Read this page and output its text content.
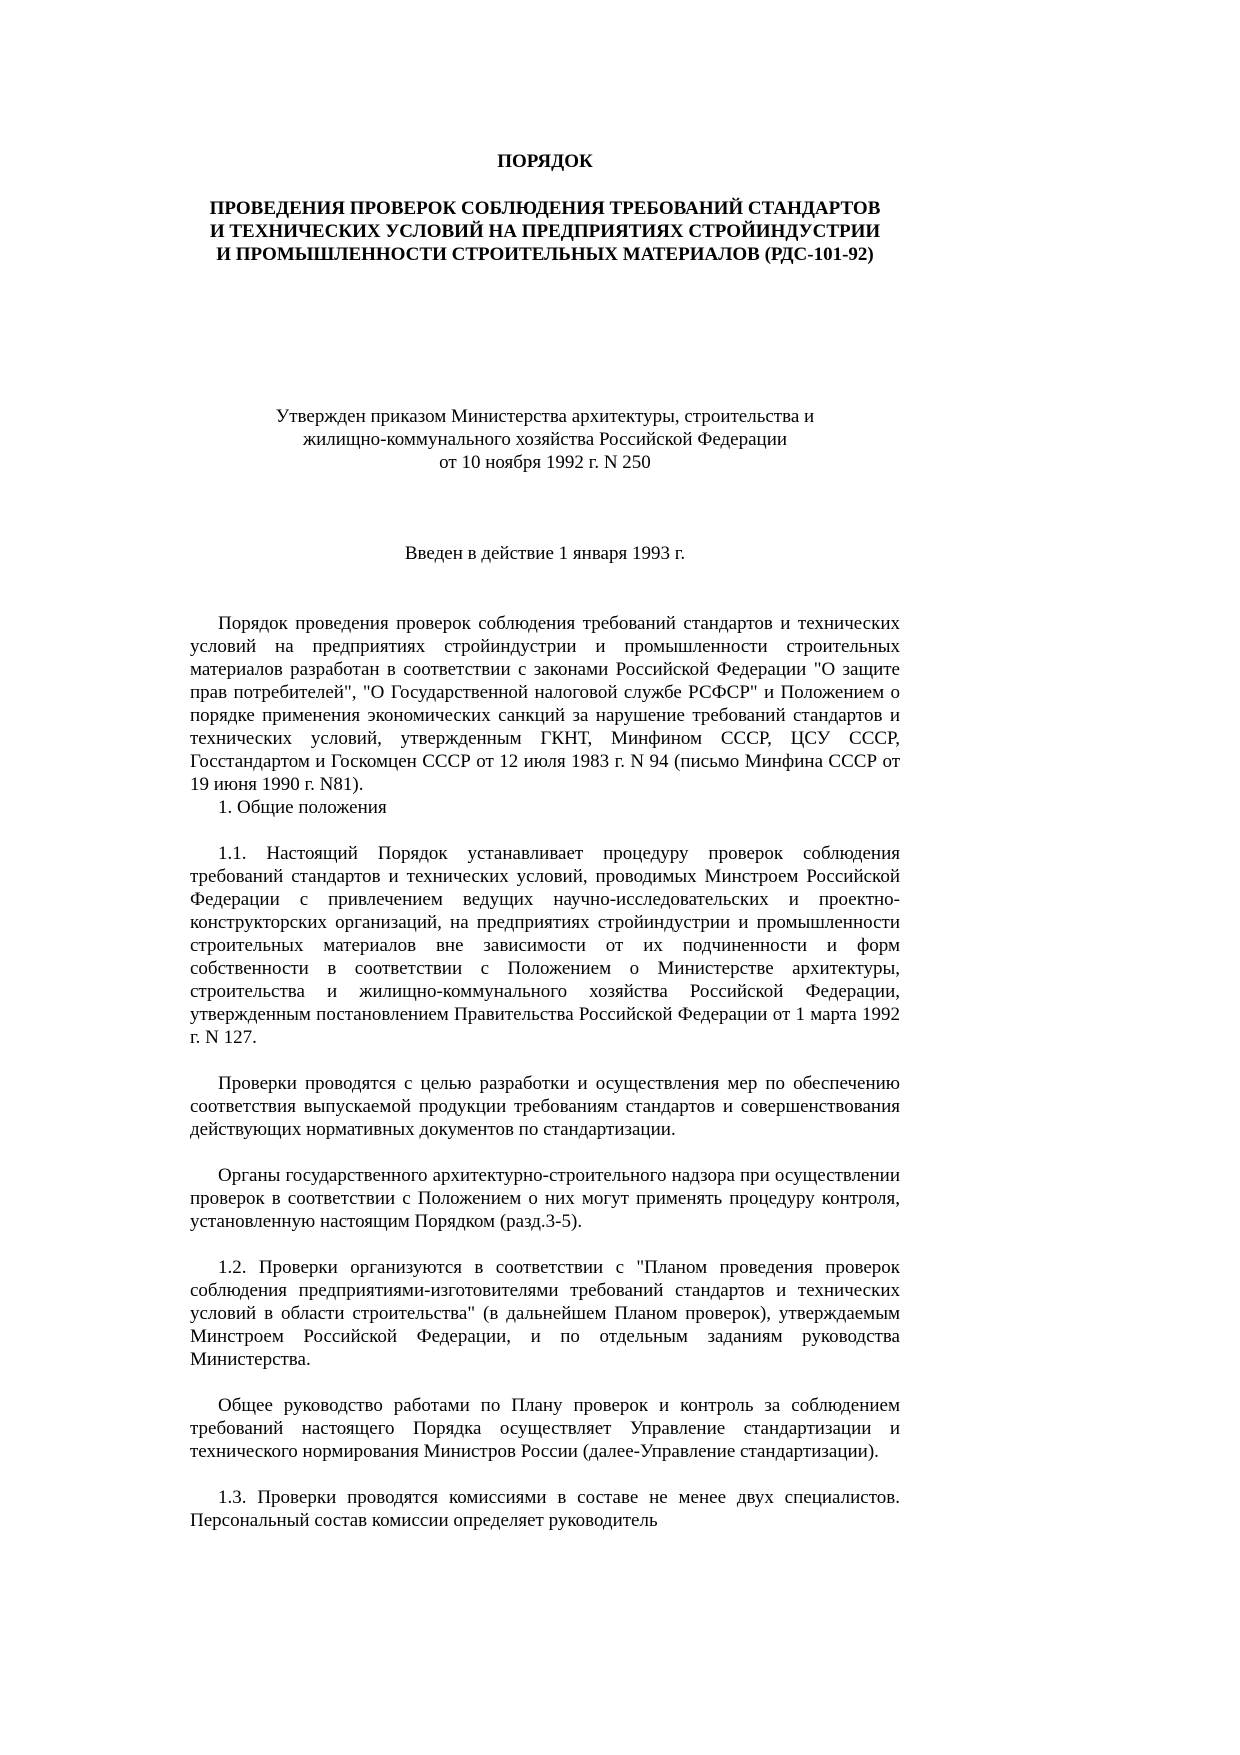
ПОРЯДОК

ПРОВЕДЕНИЯ ПРОВЕРОК СОБЛЮДЕНИЯ ТРЕБОВАНИЙ СТАНДАРТОВ
И ТЕХНИЧЕСКИХ УСЛОВИЙ НА ПРЕДПРИЯТИЯХ СТРОЙИНДУСТРИИ
И ПРОМЫШЛЕННОСТИ СТРОИТЕЛЬНЫХ МАТЕРИАЛОВ (РДС-101-92)

Утвержден приказом Министерства архитектуры, строительства и
жилищно-коммунального хозяйства Российской Федерации
от 10 ноября 1992 г. N 250
Введен в действие 1 января 1993 г.

Порядок проведения проверок соблюдения требований стандартов и технических условий на предприятиях стройиндустрии и промышленности строительных материалов разработан в соответствии с законами Российской Федерации "О защите прав потребителей", "О Государственной налоговой службе РСФСР" и Положением о порядке применения экономических санкций за нарушение требований стандартов и технических условий, утвержденным ГКНТ, Минфином СССР, ЦСУ СССР, Госстандартом и Госкомцен СССР от 12 июля 1983 г. N 94 (письмо Минфина СССР от 19 июня 1990 г. N81).

1. Общие положения

1.1. Настоящий Порядок устанавливает процедуру проверок соблюдения требований стандартов и технических условий, проводимых Минстроем Российской Федерации с привлечением ведущих научно-исследовательских и проектно-конструкторских организаций, на предприятиях стройиндустрии и промышленности строительных материалов вне зависимости от их подчиненности и форм собственности в соответствии с Положением о Министерстве архитектуры, строительства и жилищно-коммунального хозяйства Российской Федерации, утвержденным постановлением Правительства Российской Федерации от 1 марта 1992 г. N 127.

Проверки проводятся с целью разработки и осуществления мер по обеспечению соответствия выпускаемой продукции требованиям стандартов и совершенствования действующих нормативных документов по стандартизации.

Органы государственного архитектурно-строительного надзора при осуществлении проверок в соответствии с Положением о них могут применять процедуру контроля, установленную настоящим Порядком (разд.3-5).

1.2. Проверки организуются в соответствии с "Планом проведения проверок соблюдения предприятиями-изготовителями требований стандартов и технических условий в области строительства" (в дальнейшем Планом проверок), утверждаемым Минстроем Российской Федерации, и по отдельным заданиям руководства Министерства.

Общее руководство работами по Плану проверок и контроль за соблюдением требований настоящего Порядка осуществляет Управление стандартизации и технического нормирования Министров России (далее-Управление стандартизации).

1.3. Проверки проводятся комиссиями в составе не менее двух специалистов. Персональный состав комиссии определяет руководитель
